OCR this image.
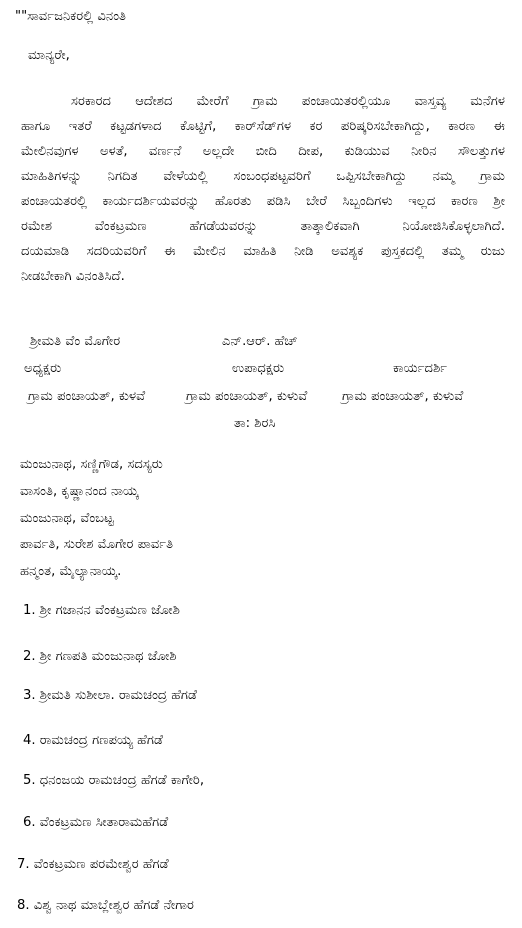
""ಸಾರ್ವಜನಿಕರಲ್ಲಿ ವಿನಂತಿ
ಮಾನ್ಯರೇ,
ಸರಕಾರದ ಆದೇಶದ ಮೇರೆಗೆ ಗ್ರಾಮ ಪಂಚಾಯಿತರಲ್ಲಿಯೂ ವಾಸ್ತವ್ಯ ಮನೆಗಳ
ಹಾಗೂ ಇತರೆ ಕಟ್ಟಡಗಳಾದ ಕೊಟ್ಟಿಗೆ, ಕಾರ್‌ಸೆಡ್‌ಗಳ ಕರ ಪರಿಷ್ಕರಿಸಬೇಕಾಗಿದ್ದು, ಕಾರಣ ಈ
ಮೇಲಿನವುಗಳ ಅಳತೆ, ವರ್ಣನೆ ಅಲ್ಲದೇ ಬೀದಿ ದೀಪ, ಕುಡಿಯುವ ನೀರಿನ ಸೌಲತ್ತುಗಳ
ಮಾಹಿತಿಗಳನ್ನು ನಿಗದಿತ ವೇಳೆಯಲ್ಲಿ ಸಂಬಂಧಪಟ್ಟವರಿಗೆ ಒಪ್ಪಿಸಬೇಕಾಗಿದ್ದು ನಮ್ಮ ಗ್ರಾಮ
ಪಂಚಾಯತರಲ್ಲಿ ಕಾರ್ಯದರ್ಶಿಯವರನ್ನು ಹೊರತು ಪಡಿಸಿ ಬೇರೆ ಸಿಬ್ಬಂದಿಗಳು ಇಲ್ಲದ ಕಾರಣ ಶ್ರೀ
ರಮೇಶ ವೆಂಕಟ್ರಮಣ ಹೆಗಡೆಯವರನ್ನು ತಾತ್ಕಾಲಿಕವಾಗಿ ನಿಯೋಜಿಸಿಕೊಳ್ಳಲಾಗಿದೆ.
ದಯಮಾಡಿ ಸದರಿಯವರಿಗೆ ಈ ಮೇಲಿನ ಮಾಹಿತಿ ನೀಡಿ ಅವಶ್ಯಕ ಪುಸ್ತಕದಲ್ಲಿ ತಮ್ಮ ರುಜು
ನೀಡಬೇಕಾಗಿ ವಿನಂತಿಸಿದೆ.
ಶ್ರೀಮತಿ ವೆಂ ಮೊಗೇರ	ಎನ್.ಆರ್. ಹೆಚ್
ಅಧ್ಯಕ್ಷರು	ಉಪಾಧಕ್ಷರು	ಕಾರ್ಯದರ್ಶಿ
ಗ್ರಾಮ ಪಂಚಾಯತ್, ಕುಳವೆ	ಗ್ರಾಮ ಪಂಚಾಯತ್, ಕುಳುವೆ	ಗ್ರಾಮ ಪಂಚಾಯತ್, ಕುಳುವೆ
ತಾ: ಶಿರಸಿ
ಮಂಜುನಾಥ, ಸಣ್ಣಿಗೌಡ, ಸದಸ್ಯರು
ವಾಸಂತಿ, ಕೃಷ್ಣಾನಂದ ನಾಯ್ಕ
ಮಂಜುನಾಥ, ವೆಂಬಟ್ಟ
ಪಾರ್ವತಿ, ಸುರೇಶ ಮೊಗೇರ ಪಾರ್ವತಿ
ಹನ್ಮಂತ, ಮೈಲ್ಯಾನಾಯ್ಕ.
1. ಶ್ರೀ ಗಜಾನನ ವೆಂಕಟ್ರಮಣ ಜೋಶಿ
2. ಶ್ರೀ ಗಣಪತಿ ಮಂಜುನಾಥ ಜೋಶಿ
3. ಶ್ರೀಮತಿ ಸುಶೀಲಾ. ರಾಮಚಂದ್ರ ಹೆಗಡೆ
4. ರಾಮಚಂದ್ರ ಗಣಪಯ್ಯ ಹೆಗಡೆ
5. ಧನಂಜಯ ರಾಮಚಂದ್ರ ಹೆಗಡೆ ಕಾಗೇರಿ,
6. ವೆಂಕಟ್ರಮಣ ಸೀತಾರಾಮಹೆಗಡೆ
7. ವೆಂಕಟ್ರಮಣ ಪರಮೇಶ್ವರ ಹೆಗಡೆ
8. ವಿಶ್ವ ನಾಥ ಮಾಬ್ಲೇಶ್ವರ ಹೆಗಡೆ ನೇಗಾರ
